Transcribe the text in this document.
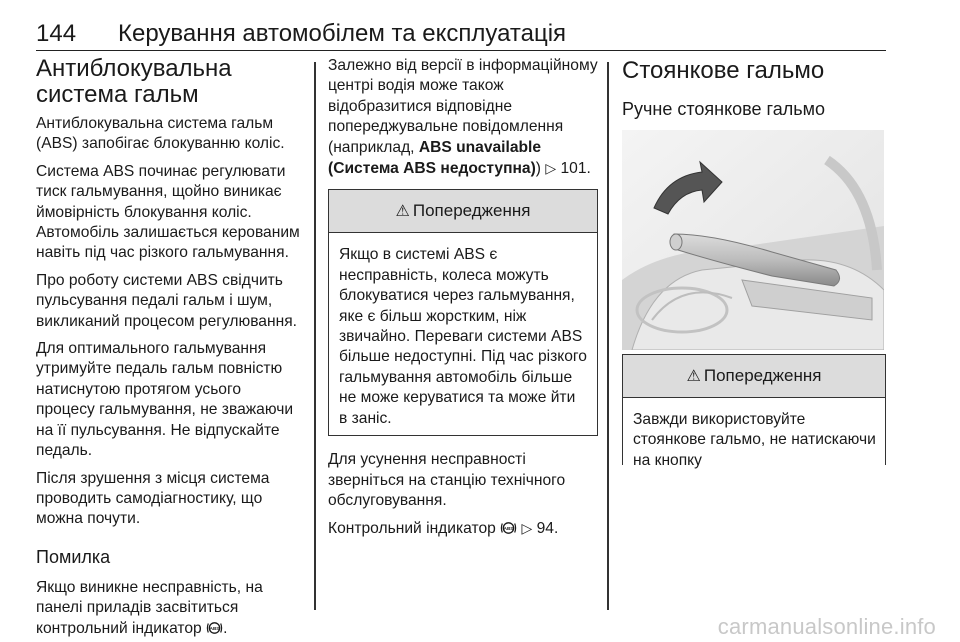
144 Керування автомобілем та експлуатація
Антиблокувальна система гальм

Антиблокувальна система гальм (ABS) запобігає блокуванню коліс.

Система ABS починає регулювати тиск гальмування, щойно виникає ймовірність блокування коліс. Автомобіль залишається керованим навіть під час різкого гальмування.

Про роботу системи ABS свідчить пульсування педалі гальм і шум, викликаний процесом регулювання.

Для оптимального гальмування утримуйте педаль гальм повністю натиснутою протягом усього процесу гальмування, не зважаючи на її пульсування. Не відпускайте педаль.

Після зрушення з місця система проводить самодіагностику, що можна почути.

Помилка

Якщо виникне несправність, на панелі приладів засвітиться контрольний індикатор ABS .

Залежно від версії в інформаційному центрі водія може також відобразитися відповідне попереджувальне повідомлення (наприклад, ABS unavailable (Система ABS недоступна)) ▷ 101.

⚠ Попередження

Якщо в системі ABS є несправність, колеса можуть блокуватися через гальмування, яке є більш жорстким, ніж звичайно. Переваги системи ABS більше недоступні. Під час різкого гальмування автомобіль більше не може керуватися та може йти в заніс.

Для усунення несправності зверніться на станцію технічного обслуговування.

Контрольний індикатор ABS ▷ 94.

Стоянкове гальмо
Ручне стоянкове гальмо
⚠ Попередження

Завжди використовуйте стоянкове гальмо, не натискаючи на кнопку

carmanualsonline.info
